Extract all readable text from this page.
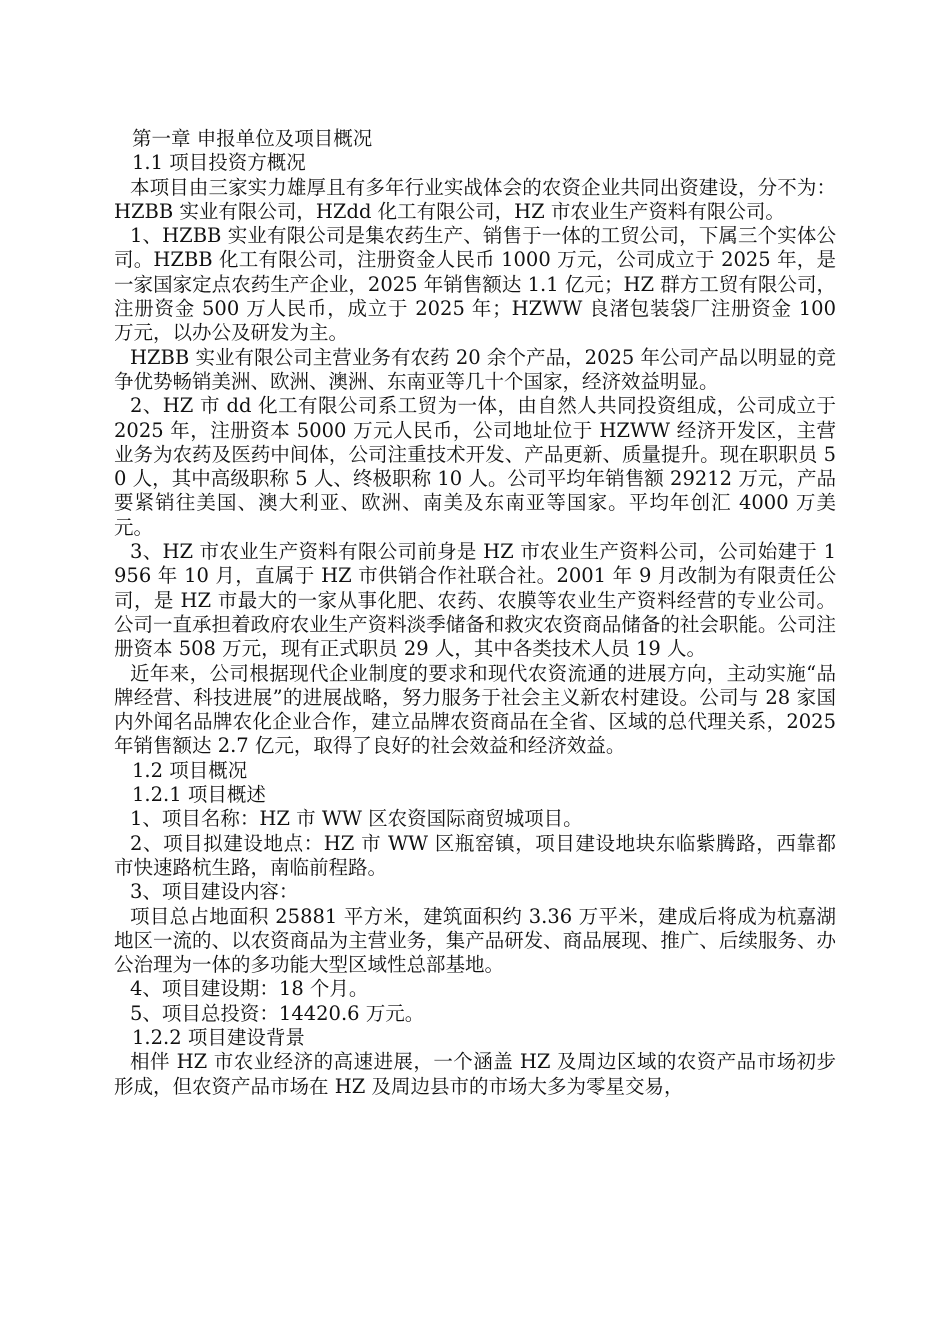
第一章 申报单位及项目概况

1.1 项目投资方概况

本项目由三家实力雄厚且有多年行业实战体会的农资企业共同出资建设，分不为：HZBB 实业有限公司，HZdd 化工有限公司，HZ 市农业生产资料有限公司。

1、HZBB 实业有限公司是集农药生产、销售于一体的工贸公司，下属三个实体公司。HZBB 化工有限公司，注册资金人民币 1000 万元，公司成立于 2025 年，是一家国家定点农药生产企业，2025 年销售额达 1.1 亿元；HZ 群方工贸有限公司，注册资金 500 万人民币，成立于 2025 年；HZWW 良渚包装袋厂注册资金 100 万元，以办公及研发为主。

HZBB 实业有限公司主营业务有农药 20 余个产品，2025 年公司产品以明显的竞争优势畅销美洲、欧洲、澳洲、东南亚等几十个国家，经济效益明显。

2、HZ 市 dd 化工有限公司系工贸为一体，由自然人共同投资组成，公司成立于 2025 年，注册资本 5000 万元人民币，公司地址位于 HZWW 经济开发区，主营业务为农药及医药中间体，公司注重技术开发、产品更新、质量提升。现在职职员 50 人，其中高级职称 5 人、终极职称 10 人。公司平均年销售额 29212 万元，产品要紧销往美国、澳大利亚、欧洲、南美及东南亚等国家。平均年创汇 4000 万美元。

3、HZ 市农业生产资料有限公司前身是 HZ 市农业生产资料公司，公司始建于 1956 年 10 月，直属于 HZ 市供销合作社联合社。2001 年 9 月改制为有限责任公司，是 HZ 市最大的一家从事化肥、农药、农膜等农业生产资料经营的专业公司。公司一直承担着政府农业生产资料淡季储备和救灾农资商品储备的社会职能。公司注册资本 508 万元，现有正式职员 29 人，其中各类技术人员 19 人。

近年来，公司根据现代企业制度的要求和现代农资流通的进展方向，主动实施“品牌经营、科技进展”的进展战略，努力服务于社会主义新农村建设。公司与 28 家国内外闻名品牌农化企业合作，建立品牌农资商品在全省、区域的总代理关系，2025 年销售额达 2.7 亿元，取得了良好的社会效益和经济效益。

1.2 项目概况

1.2.1 项目概述

1、项目名称：HZ 市 WW 区农资国际商贸城项目。

2、项目拟建设地点：HZ 市 WW 区瓶窑镇，项目建设地块东临紫腾路，西靠都市快速路杭生路，南临前程路。

3、项目建设内容：

项目总占地面积 25881 平方米，建筑面积约 3.36 万平米，建成后将成为杭嘉湖地区一流的、以农资商品为主营业务，集产品研发、商品展现、推广、后续服务、办公治理为一体的多功能大型区域性总部基地。

4、项目建设期：18 个月。

5、项目总投资：14420.6 万元。

1.2.2 项目建设背景

相伴 HZ 市农业经济的高速进展，一个涵盖 HZ 及周边区域的农资产品市场初步形成，但农资产品市场在 HZ 及周边县市的市场大多为零星交易，
